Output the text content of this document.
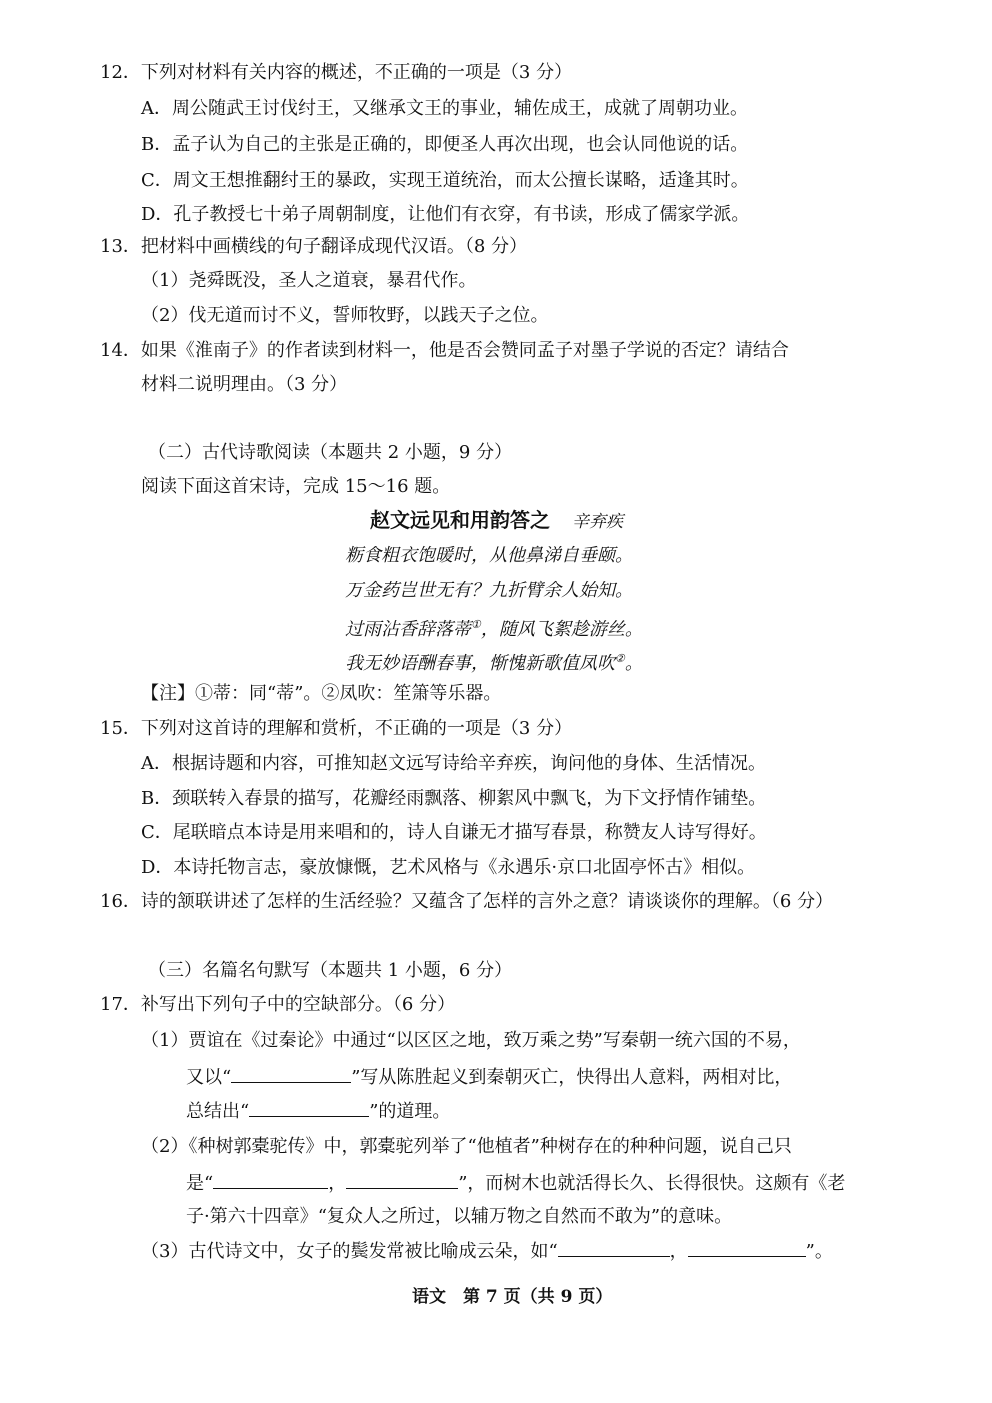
12．下列对材料有关内容的概述，不正确的一项是（3 分）
A．周公随武王讨伐纣王，又继承文王的事业，辅佐成王，成就了周朝功业。
B．孟子认为自己的主张是正确的，即便圣人再次出现，也会认同他说的话。
C．周文王想推翻纣王的暴政，实现王道统治，而太公擅长谋略，适逢其时。
D．孔子教授七十弟子周朝制度，让他们有衣穿，有书读，形成了儒家学派。
13．把材料中画横线的句子翻译成现代汉语。（8 分）
（1）尧舜既没，圣人之道衰，暴君代作。
（2）伐无道而讨不义，誓师牧野，以践天子之位。
14．如果《淮南子》的作者读到材料一，他是否会赞同孟子对墨子学说的否定？请结合
材料二说明理由。（3 分）
（二）古代诗歌阅读（本题共 2 小题，9 分）
阅读下面这首宋诗，完成 15～16 题。
赵文远见和用韵答之 辛弃疾
粝食粗衣饱暖时，从他鼻涕自垂颐。
万金药岂世无有？九折臂余人始知。
过雨沾香辞落蒂①，随风飞絮趁游丝。
我无妙语酬春事，惭愧新歌值凤吹②。
【注】①蒂：同“蒂”。②凤吹：笙箫等乐器。
15．下列对这首诗的理解和赏析，不正确的一项是（3 分）
A．根据诗题和内容，可推知赵文远写诗给辛弃疾，询问他的身体、生活情况。
B．颈联转入春景的描写，花瓣经雨飘落、柳絮风中飘飞，为下文抒情作铺垫。
C．尾联暗点本诗是用来唱和的，诗人自谦无才描写春景，称赞友人诗写得好。
D．本诗托物言志，豪放慷慨，艺术风格与《永遇乐·京口北固亭怀古》相似。
16．诗的颔联讲述了怎样的生活经验？又蕴含了怎样的言外之意？请谈谈你的理解。（6 分）
（三）名篇名句默写（本题共 1 小题，6 分）
17．补写出下列句子中的空缺部分。（6 分）
（1）贾谊在《过秦论》中通过“以区区之地，致万乘之势”写秦朝一统六国的不易，
又以“	”写从陈胜起义到秦朝灭亡，快得出人意料，两相对比，
总结出“	”的道理。
（2）《种树郭橐驼传》中，郭橐驼列举了“他植者”种树存在的种种问题，说自己只
是“	，	”，而树木也就活得长久、长得很快。这颇有《老
子·第六十四章》“复众人之所过，以辅万物之自然而不敢为”的意味。
（3）古代诗文中，女子的鬓发常被比喻成云朵，如“	，	”。
语文　第 7 页（共 9 页）
